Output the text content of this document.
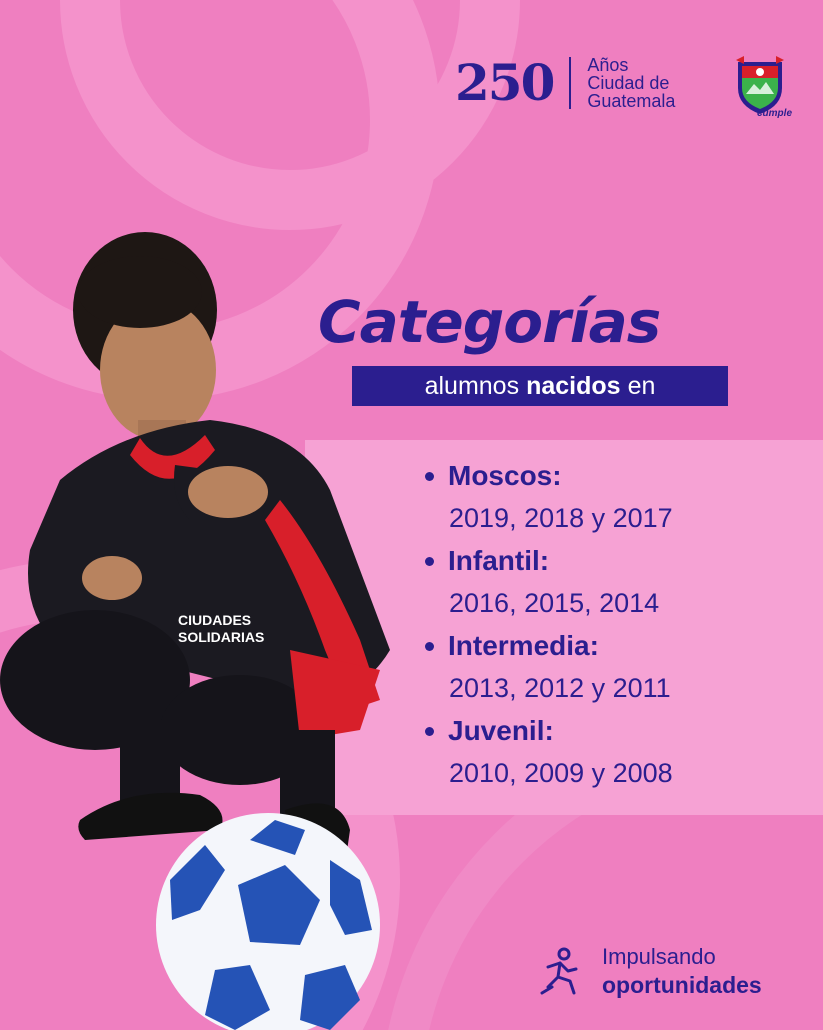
250 Años
Ciudad de
Guatemala
cumple
Categorías
alumnos nacidos en
Moscos:
2019, 2018 y 2017
Infantil:
2016, 2015, 2014
Intermedia:
2013, 2012 y 2011
Juvenil:
2010, 2009 y 2008
CIUDADES
SOLIDARIAS
Impulsando
oportunidades
